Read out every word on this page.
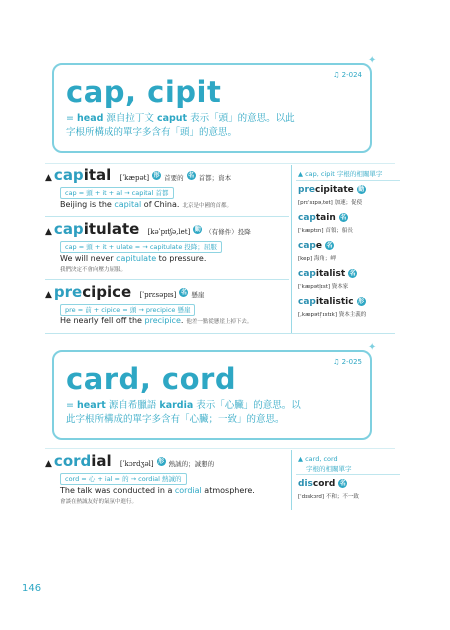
cap, cipit
= head 源自拉丁文 caput 表示「頭」的意思。以此
字根所構成的單字多含有「頭」的意思。
♫ 2-024
✦
▲ capital [ˈkæpət] 形 首要的 名 首都；資本
cap = 頭 + it + al → capital 首都
Beijing is the capital of China. 北京是中國的首都。
▲ capitulate [kəˈpɪtʃə,let] 動 （有條件）投降
cap = 頭 + it + ulate = → capitulate 投降；屈服
We will never capitulate to pressure.
我們決定不會向壓力屈服。
▲ precipice [ˈprɛsəpɪs] 名 懸崖
pre = 前 + cipice = 頭 → precipice 懸崖
He nearly fell off the precipice. 他差一點從懸崖上掉下去。
▲ cap, cipit 字根的相關單字
precipitate 動
[prɪˈsɪpə,tet] 加速；促使
captain 名
[ˈkæptɪn] 首領；船長
cape 名
[kep] 海角；岬
capitalist 名
[ˈkæpətl̩ɪst] 資本家
capitalistic 形
[,kæpətl̩ˈɪstɪk] 資本主義的
card, cord
= heart 源自希臘語 kardia 表示「心臟」的意思。以
此字根所構成的單字多含有「心臟；一致」的意思。
♫ 2-025
✦
▲ cordial [ˈkɔrdʒəl] 形 熱誠的；誠懇的
cord = 心 + ial = 的 → cordial 熱誠的
The talk was conducted in a cordial atmosphere.
會談在熱誠友好的氣氛中進行。
▲ card, cord
字根的相關單字
discord 名
[ˈdɪskɔrd] 不和；不一致
146
